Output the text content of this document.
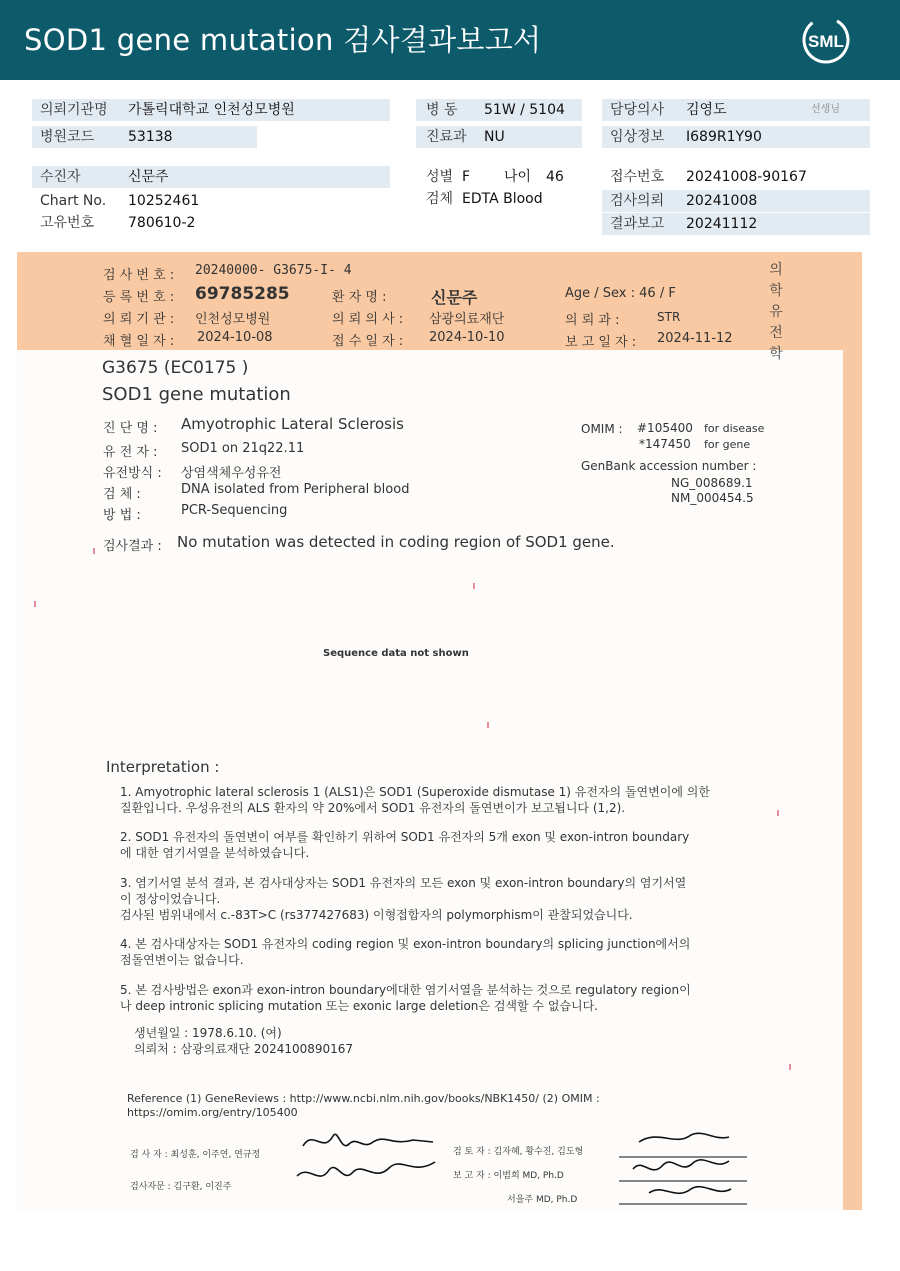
SOD1 gene mutation 검사결과보고서	SML
의뢰기관명 가톨릭대학교 인천성모병원
병원코드 53138
병 동 51W / 5104
진료과 NU
담당의사 김영도	선생님
임상정보 I689R1Y90
수진자	신문주
Chart No. 10252461
고유번호 780610-2
성별 F 나이 46
검체 EDTA Blood
접수번호 20241008-90167
검사의뢰 20241008
결과보고 20241112
검 사 번 호 : 20240000- G3675-I- 4
등 록 번 호 : 69785285	환 자 명 :	신문주	Age / Sex : 46 / F
의 뢰 기 관 : 인천성모병원	의 뢰 의 사 : 삼광의료재단	의 뢰 과 :	STR
채 혈 일 자 : 2024-10-08	접 수 일 자 : 2024-10-10	보 고 일 자 : 2024-11-12
의
학
유
전
학
G3675 (EC0175 )
SOD1 gene mutation
진 단 명 : Amyotrophic Lateral Sclerosis
유 전 자 : SOD1 on 21q22.11
유전방식 : 상염색체우성유전
검 체 :	DNA isolated from Peripheral blood
방 법 :	PCR-Sequencing
OMIM : #105400 for disease
*147450 for gene
GenBank accession number :
NG_008689.1
NM_000454.5
검사결과 : No mutation was detected in coding region of SOD1 gene.
Sequence data not shown
Interpretation :
1. Amyotrophic lateral sclerosis 1 (ALS1)은 SOD1 (Superoxide dismutase 1) 유전자의 돌연변이에 의한
질환입니다. 우성유전의 ALS 환자의 약 20%에서 SOD1 유전자의 돌연변이가 보고됩니다 (1,2).
2. SOD1 유전자의 돌연변이 여부를 확인하기 위하여 SOD1 유전자의 5개 exon 및 exon-intron boundary
에 대한 염기서열을 분석하였습니다.
3. 염기서열 분석 결과, 본 검사대상자는 SOD1 유전자의 모든 exon 및 exon-intron boundary의 염기서열
이 정상이었습니다.
검사된 범위내에서 c.-83T>C (rs377427683) 이형접합자의 polymorphism이 관찰되었습니다.
4. 본 검사대상자는 SOD1 유전자의 coding region 및 exon-intron boundary의 splicing junction에서의
점돌연변이는 없습니다.
5. 본 검사방법은 exon과 exon-intron boundary에대한 염기서열을 분석하는 것으로 regulatory region이
나 deep intronic splicing mutation 또는 exonic large deletion은 검색할 수 없습니다.
생년월일 : 1978.6.10. (여)
의뢰처 : 삼광의료재단 2024100890167
Reference (1) GeneReviews : http://www.ncbi.nlm.nih.gov/books/NBK1450/ (2) OMIM :
https://omim.org/entry/105400
검 사 자 : 최성훈, 이주연, 연규정
검사자문 : 김구환, 이진주
검 토 자 : 김자혜, 황수진, 김도형
보 고 자 : 이범희 MD, Ph.D
서을주 MD, Ph.D
